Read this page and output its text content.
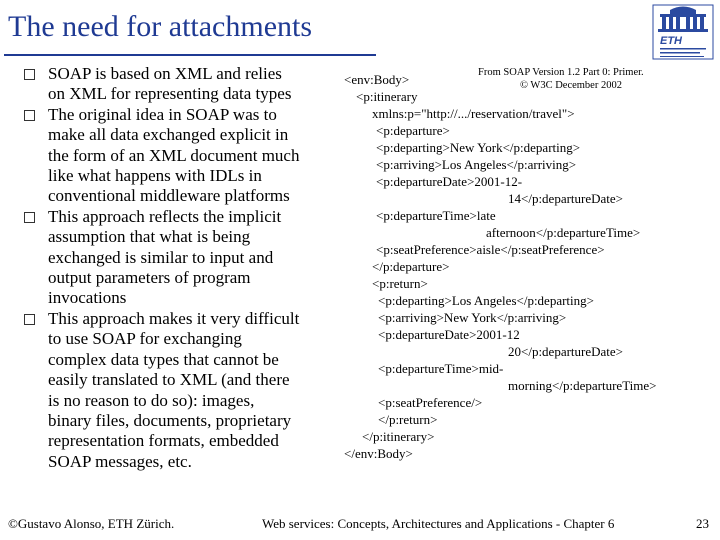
The need for attachments	ETH
SOAP is based on XML and relies
on XML for representing data types
The original idea in SOAP was to
make all data exchanged explicit in
the form of an XML document much
like what happens with IDLs in
conventional middleware platforms
This approach reflects the implicit
assumption that what is being
exchanged is similar to input and
output parameters of program
invocations
This approach makes it very difficult
to use SOAP for exchanging
complex data types that cannot be
easily translated to XML (and there
is no reason to do so): images,
binary files, documents, proprietary
representation formats, embedded
SOAP messages, etc.
From SOAP Version 1.2 Part 0: Primer.
© W3C December 2002
<env:Body>
<p:itinerary
xmlns:p="http://.../reservation/travel">
<p:departure>
<p:departing>New York</p:departing>
<p:arriving>Los Angeles</p:arriving>
<p:departureDate>2001-12-
14</p:departureDate>
<p:departureTime>late
afternoon</p:departureTime>
<p:seatPreference>aisle</p:seatPreference>
</p:departure>
<p:return>
<p:departing>Los Angeles</p:departing>
<p:arriving>New York</p:arriving>
<p:departureDate>2001-12
20</p:departureDate>
<p:departureTime>mid-
morning</p:departureTime>
<p:seatPreference/>
</p:return>
</p:itinerary>
</env:Body>
©Gustavo Alonso, ETH Zürich.	Web services: Concepts, Architectures and Applications - Chapter 6	23
